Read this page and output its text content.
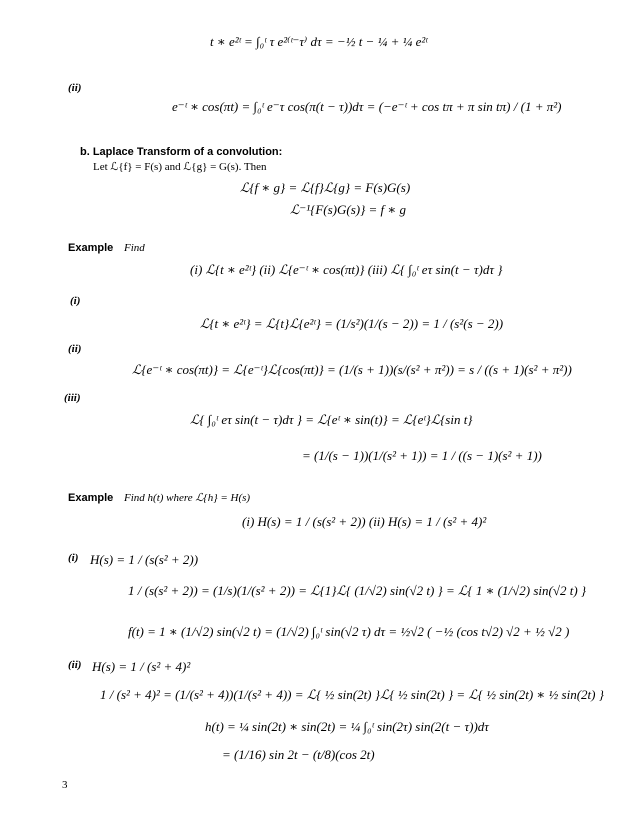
t ∗ e²ᵗ = ∫₀ᵗ τ e²⁽ᵗ⁻τ⁾ dτ = −½ t − ¼ + ¼ e²ᵗ
(ii)
e⁻ᵗ ∗ cos(πt) = ∫₀ᵗ e⁻τ cos(π(t − τ))dτ = (−e⁻ᵗ + cos tπ + π sin tπ) / (1 + π²)
b. Laplace Transform of a convolution:
Let ℒ{f} = F(s) and ℒ{g} = G(s). Then
ℒ{f ∗ g} = ℒ{f}ℒ{g} = F(s)G(s)
ℒ⁻¹{F(s)G(s)} = f ∗ g
Example Find
(i) ℒ{t ∗ e²ᵗ} (ii) ℒ{e⁻ᵗ ∗ cos(πt)} (iii) ℒ{ ∫₀ᵗ eτ sin(t − τ)dτ }
(i)
ℒ{t ∗ e²ᵗ} = ℒ{t}ℒ{e²ᵗ} = (1/s²)(1/(s − 2)) = 1 / (s²(s − 2))
(ii)
ℒ{e⁻ᵗ ∗ cos(πt)} = ℒ{e⁻ᵗ}ℒ{cos(πt)} = (1/(s + 1))(s/(s² + π²)) = s / ((s + 1)(s² + π²))
(iii)
ℒ{ ∫₀ᵗ eτ sin(t − τ)dτ } = ℒ{eᵗ ∗ sin(t)} = ℒ{eᵗ}ℒ{sin t}
= (1/(s − 1))(1/(s² + 1)) = 1 / ((s − 1)(s² + 1))
Example Find h(t) where ℒ{h} = H(s)
(i) H(s) = 1 / (s(s² + 2)) (ii) H(s) = 1 / (s² + 4)²
(i) H(s) = 1 / (s(s² + 2))
1 / (s(s² + 2)) = (1/s)(1/(s² + 2)) = ℒ{1}ℒ{ (1/√2) sin(√2 t) } = ℒ{ 1 ∗ (1/√2) sin(√2 t) }
f(t) = 1 ∗ (1/√2) sin(√2 t) = (1/√2) ∫₀ᵗ sin(√2 τ) dτ = ½√2 ( −½ (cos t√2) √2 + ½ √2 )
(ii) H(s) = 1 / (s² + 4)²
1 / (s² + 4)² = (1/(s² + 4))(1/(s² + 4)) = ℒ{ ½ sin(2t) }ℒ{ ½ sin(2t) } = ℒ{ ½ sin(2t) ∗ ½ sin(2t) }
h(t) = ¼ sin(2t) ∗ sin(2t) = ¼ ∫₀ᵗ sin(2τ) sin(2(t − τ))dτ
= (1/16) sin 2t − (t/8)(cos 2t)
3
